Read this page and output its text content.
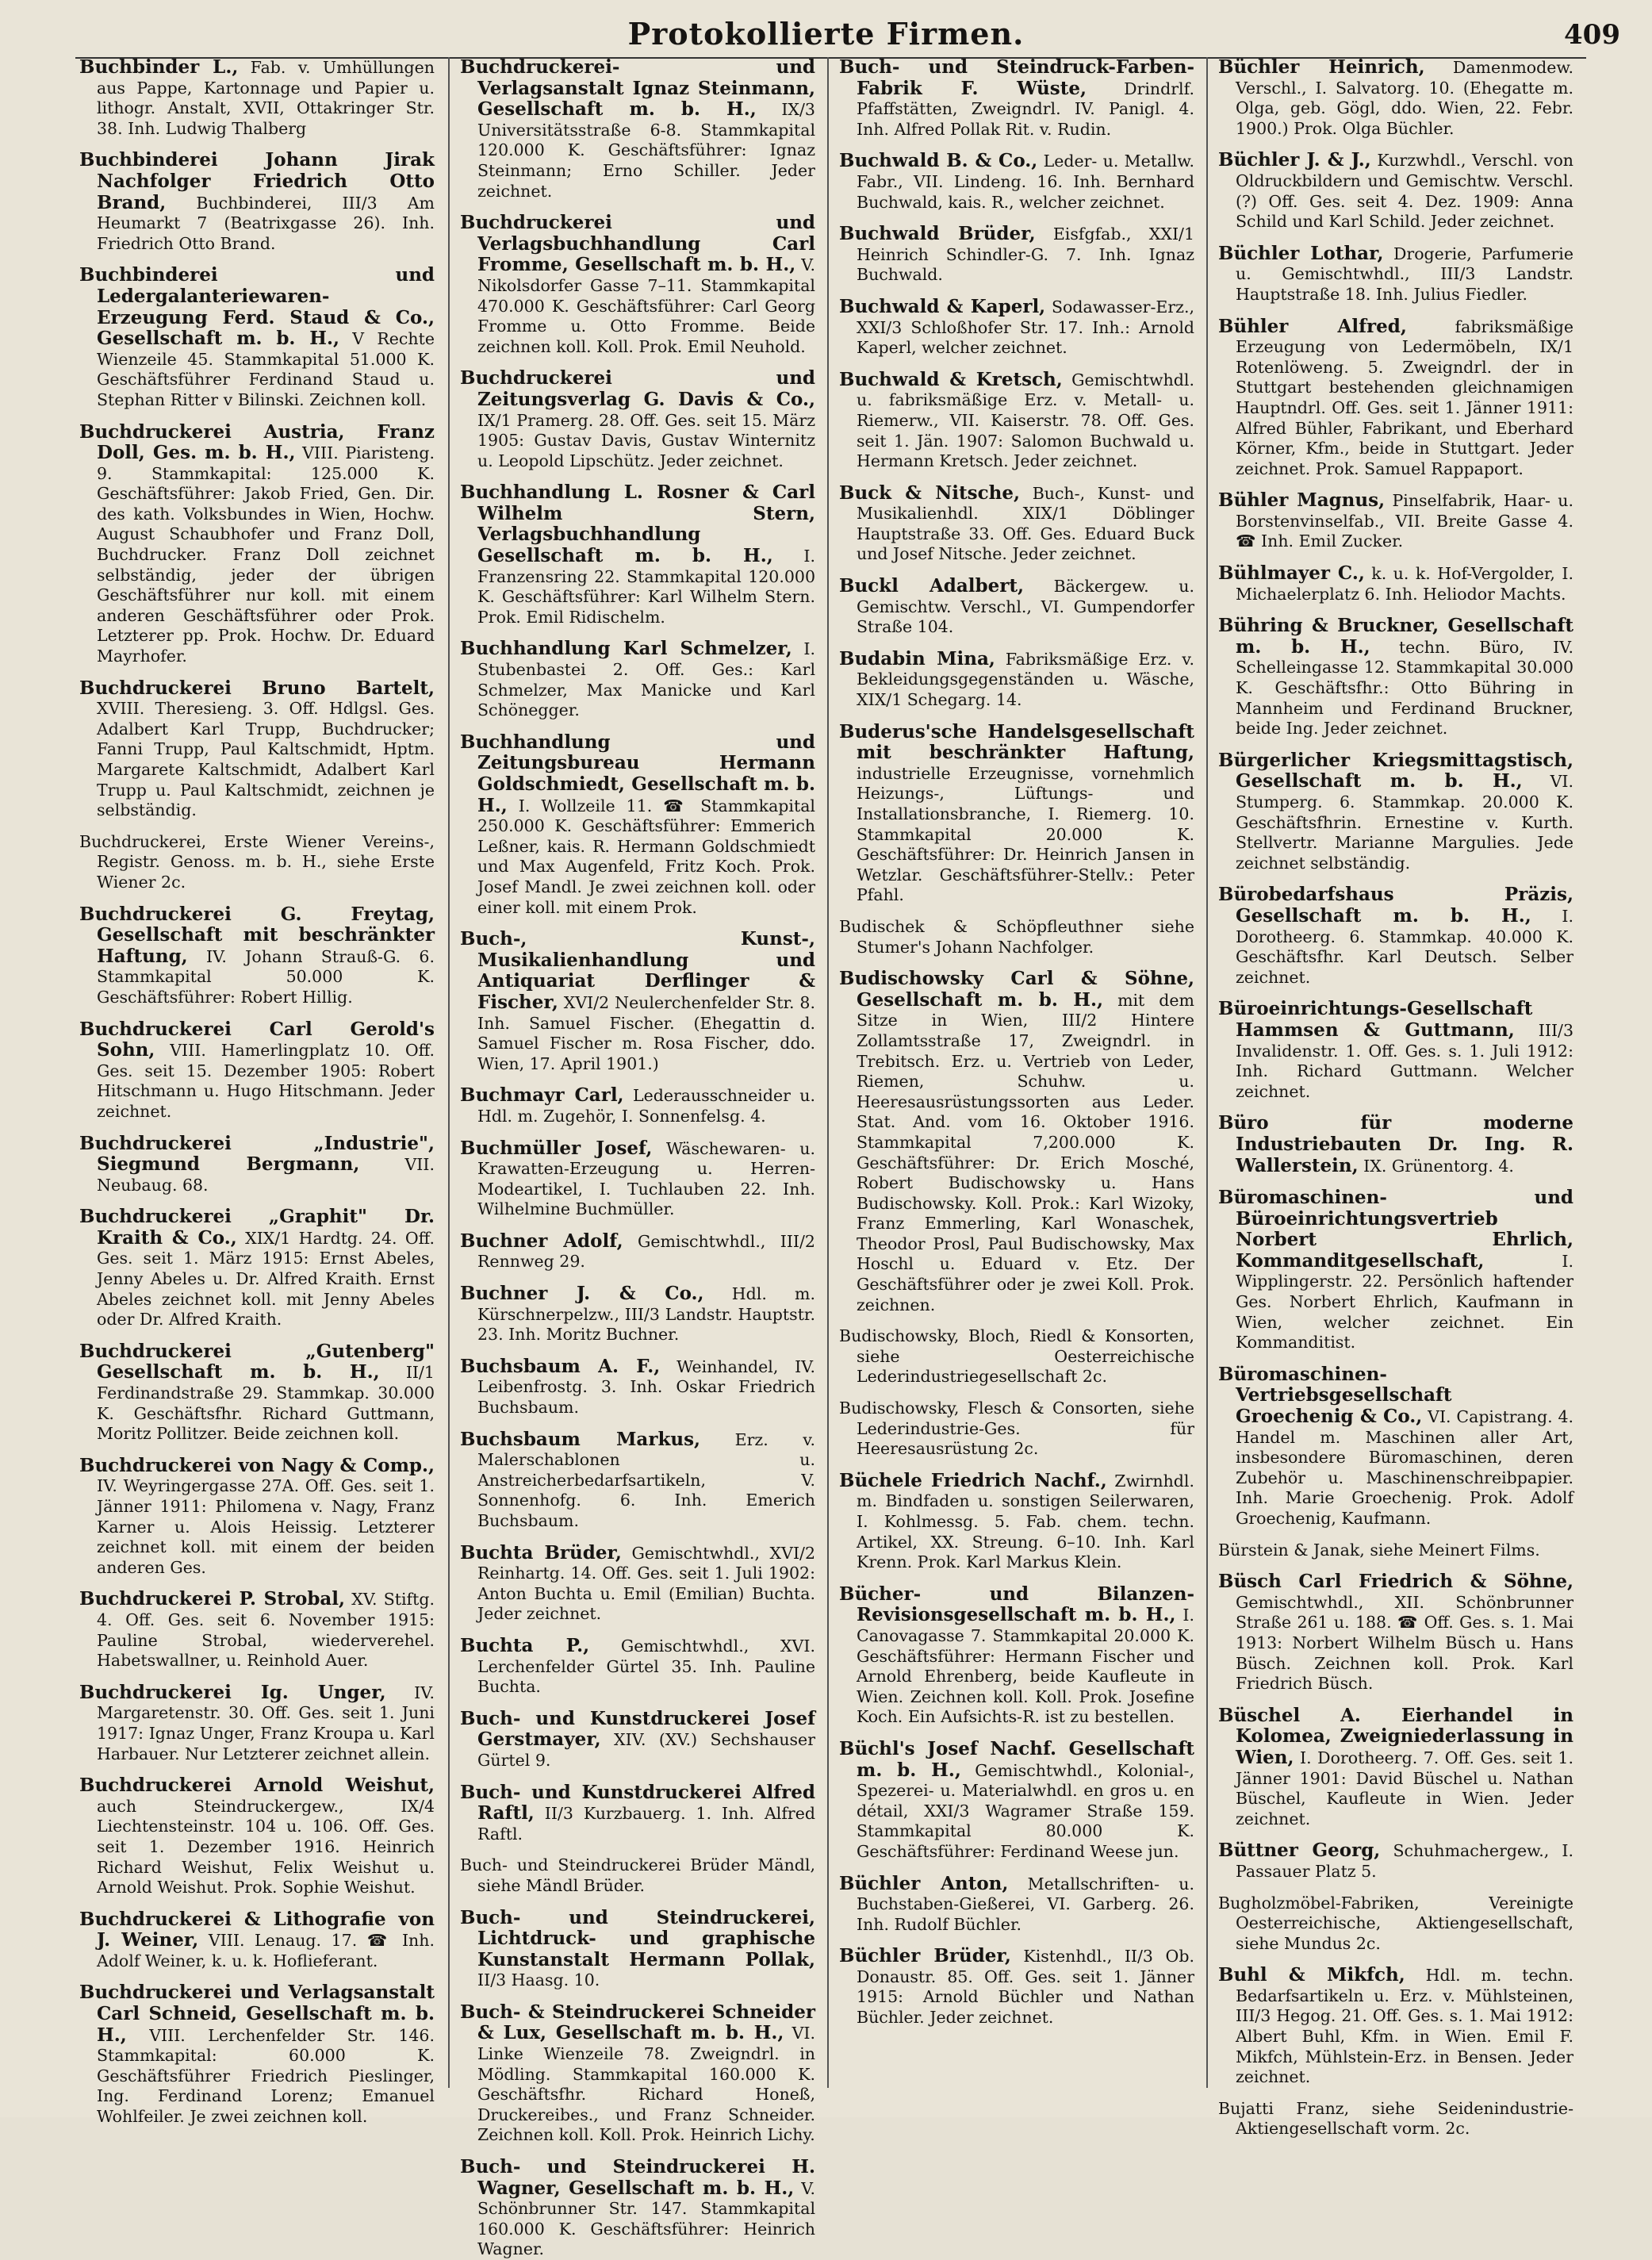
Protokollierte Firmen.	409

Buchbinder L., Fab. v. Umhüllungen aus Pappe, Kartonnage und Papier u. lithogr. Anstalt, XVII, Ottakringer Str. 38. Inh. Ludwig Thalberg

Buchbinderei Johann Jirak Nachfolger Friedrich Otto Brand, Buchbinderei, III/3 Am Heumarkt 7 (Beatrixgasse 26). Inh. Friedrich Otto Brand.

Buchbinderei und Ledergalanteriewaren-Erzeugung Ferd. Staud & Co., Gesellschaft m. b. H., V Rechte Wienzeile 45. Stammkapital 51.000 K. Geschäftsführer Ferdinand Staud u. Stephan Ritter v Bilinski. Zeichnen koll.

Buchdruckerei Austria, Franz Doll, Ges. m. b. H., VIII. Piaristeng. 9. Stammkapital: 125.000 K. Geschäftsführer: Jakob Fried, Gen. Dir. des kath. Volksbundes in Wien, Hochw. August Schaubhofer und Franz Doll, Buchdrucker. Franz Doll zeichnet selbständig, jeder der übrigen Geschäftsführer nur koll. mit einem anderen Geschäftsführer oder Prok. Letzterer pp. Prok. Hochw. Dr. Eduard Mayrhofer.

Buchdruckerei Bruno Bartelt, XVIII. Theresieng. 3. Off. Hdlgsl. Ges. Adalbert Karl Trupp, Buchdrucker; Fanni Trupp, Paul Kaltschmidt, Hptm. Margarete Kaltschmidt, Adalbert Karl Trupp u. Paul Kaltschmidt, zeichnen je selbständig.

Buchdruckerei, Erste Wiener Vereins-, Registr. Genoss. m. b. H., siehe Erste Wiener 2c.

Buchdruckerei G. Freytag, Gesellschaft mit beschränkter Haftung, IV. Johann Strauß-G. 6. Stammkapital 50.000 K. Geschäftsführer: Robert Hillig.

Buchdruckerei Carl Gerold's Sohn, VIII. Hamerlingplatz 10. Off. Ges. seit 15. Dezember 1905: Robert Hitschmann u. Hugo Hitschmann. Jeder zeichnet.

Buchdruckerei „Industrie", Siegmund Bergmann,	VII. Neubaug. 68.

Buchdruckerei „Graphit" Dr. Kraith & Co., XIX/1 Hardtg. 24. Off. Ges. seit 1. März 1915: Ernst Abeles, Jenny Abeles u. Dr. Alfred Kraith. Ernst Abeles zeichnet koll. mit Jenny Abeles oder Dr. Alfred Kraith.

Buchdruckerei „Gutenberg" Gesellschaft m. b. H., II/1 Ferdinandstraße 29. Stammkap. 30.000 K. Geschäftsfhr. Richard Guttmann, Moritz Pollitzer. Beide zeichnen koll.

Buchdruckerei von Nagy & Comp., IV. Weyringergasse 27A. Off. Ges. seit 1. Jänner 1911: Philomena v. Nagy, Franz Karner u. Alois Heissig. Letzterer zeichnet koll. mit einem der beiden anderen Ges.

Buchdruckerei P. Strobal, XV. Stiftg. 4. Off. Ges. seit 6. November 1915: Pauline Strobal, wiederverehel. Habetswallner, u. Reinhold Auer.

Buchdruckerei Ig. Unger, IV. Margaretenstr. 30. Off. Ges. seit 1. Juni 1917: Ignaz Unger, Franz Kroupa u. Karl Harbauer. Nur Letzterer zeichnet allein.

Buchdruckerei Arnold Weishut, auch Steindruckergew., IX/4 Liechtensteinstr. 104 u. 106. Off. Ges. seit 1. Dezember 1916. Heinrich Richard Weishut, Felix Weishut u. Arnold Weishut. Prok. Sophie Weishut.

Buchdruckerei & Lithografie von J. Weiner, VIII. Lenaug. 17. ☎ Inh. Adolf Weiner, k. u. k. Hoflieferant.

Buchdruckerei und Verlagsanstalt Carl Schneid, Gesellschaft m. b. H., VIII. Lerchenfelder Str. 146. Stammkapital: 60.000 K. Geschäftsführer Friedrich Pieslinger, Ing. Ferdinand Lorenz; Emanuel Wohlfeiler. Je zwei zeichnen koll.

Buchdruckerei- und Verlagsanstalt Ignaz Steinmann, Gesellschaft m. b. H., IX/3 Universitätsstraße 6-8. Stammkapital 120.000 K. Geschäftsführer: Ignaz Steinmann; Erno Schiller. Jeder zeichnet.

Buchdruckerei und Verlagsbuchhandlung Carl Fromme, Gesellschaft m. b. H., V. Nikolsdorfer Gasse 7–11. Stammkapital 470.000 K. Geschäftsführer: Carl Georg Fromme u. Otto Fromme. Beide zeichnen koll. Koll. Prok. Emil Neuhold.

Buchdruckerei und Zeitungsverlag G. Davis & Co., IX/1 Pramerg. 28. Off. Ges. seit 15. März 1905: Gustav Davis, Gustav Winternitz u. Leopold Lipschütz. Jeder zeichnet.

Buchhandlung L. Rosner & Carl Wilhelm Stern, Verlagsbuchhandlung Gesellschaft m. b. H., I. Franzensring 22. Stammkapital 120.000 K. Geschäftsführer: Karl Wilhelm Stern. Prok. Emil Ridischelm.

Buchhandlung Karl Schmelzer, I. Stubenbastei 2. Off. Ges.: Karl Schmelzer, Max Manicke und Karl Schönegger.

Buchhandlung und Zeitungsbureau Hermann Goldschmiedt, Gesellschaft m. b. H., I. Wollzeile 11. ☎ Stammkapital 250.000 K. Geschäftsführer: Emmerich Leßner, kais. R. Hermann Goldschmiedt und Max Augenfeld, Fritz Koch. Prok. Josef Mandl. Je zwei zeichnen koll. oder einer koll. mit einem Prok.

Buch-, Kunst-, Musikalienhandlung und Antiquariat Derflinger & Fischer, XVI/2 Neulerchenfelder Str. 8. Inh. Samuel Fischer. (Ehegattin d. Samuel Fischer m. Rosa Fischer, ddo. Wien, 17. April 1901.)

Buchmayr Carl, Lederausschneider u. Hdl. m. Zugehör, I. Sonnenfelsg. 4.

Buchmüller Josef, Wäschewaren- u. Krawatten-Erzeugung u. Herren-Modeartikel, I. Tuchlauben 22. Inh. Wilhelmine Buchmüller.

Buchner Adolf, Gemischtwhdl., III/2 Rennweg 29.

Buchner J. & Co., Hdl. m. Kürschnerpelzw., III/3 Landstr. Hauptstr. 23. Inh. Moritz Buchner.

Buchsbaum A. F., Weinhandel, IV. Leibenfrostg. 3. Inh. Oskar Friedrich Buchsbaum.

Buchsbaum Markus, Erz. v. Malerschablonen u. Anstreicherbedarfsartikeln, V. Sonnenhofg. 6. Inh. Emerich Buchsbaum.

Buchta Brüder, Gemischtwhdl., XVI/2 Reinhartg. 14. Off. Ges. seit 1. Juli 1902: Anton Buchta u. Emil (Emilian) Buchta. Jeder zeichnet.

Buchta P., Gemischtwhdl., XVI. Lerchenfelder Gürtel 35. Inh. Pauline Buchta.

Buch- und Kunstdruckerei Josef Gerstmayer, XIV. (XV.) Sechshauser Gürtel 9.

Buch- und Kunstdruckerei Alfred Raftl, II/3 Kurzbauerg. 1. Inh. Alfred Raftl.

Buch- und Steindruckerei Brüder Mändl, siehe Mändl Brüder.

Buch- und Steindruckerei, Lichtdruck- und graphische Kunstanstalt Hermann Pollak, II/3 Haasg. 10.

Buch- & Steindruckerei Schneider & Lux, Gesellschaft m. b. H., VI. Linke Wienzeile 78. Zweigndrl. in Mödling. Stammkapital 160.000 K. Geschäftsfhr. Richard Honeß, Druckereibes., und Franz Schneider. Zeichnen koll. Koll. Prok. Heinrich Lichy.

Buch- und Steindruckerei H. Wagner, Gesellschaft m. b. H., V. Schönbrunner Str. 147. Stammkapital 160.000 K. Geschäftsführer: Heinrich Wagner.

Buch- und Steindruck-Farben-Fabrik F. Wüste, Drindrlf. Pfaffstätten, Zweigndrl. IV. Panigl. 4. Inh. Alfred Pollak Rit. v. Rudin.

Buchwald B. & Co., Leder- u. Metallw. Fabr., VII. Lindeng. 16. Inh. Bernhard Buchwald, kais. R., welcher zeichnet.

Buchwald Brüder, Eisfgfab., XXI/1 Heinrich Schindler-G. 7. Inh. Ignaz Buchwald.

Buchwald & Kaperl, Sodawasser-Erz., XXI/3 Schloßhofer Str. 17. Inh.: Arnold Kaperl, welcher zeichnet.

Buchwald & Kretsch, Gemischtwhdl. u. fabriksmäßige Erz. v. Metall- u. Riemerw., VII. Kaiserstr. 78. Off. Ges. seit 1. Jän. 1907: Salomon Buchwald u. Hermann Kretsch. Jeder zeichnet.

Buck & Nitsche, Buch-, Kunst- und Musikalienhdl. XIX/1 Döblinger Hauptstraße 33. Off. Ges. Eduard Buck und Josef Nitsche. Jeder zeichnet.

Buckl Adalbert, Bäckergew. u. Gemischtw. Verschl., VI. Gumpendorfer Straße 104.

Budabin Mina, Fabriksmäßige Erz. v. Bekleidungsgegenständen u. Wäsche, XIX/1 Schegarg. 14.

Buderus'sche Handelsgesellschaft mit beschränkter Haftung, industrielle Erzeugnisse, vornehmlich Heizungs-, Lüftungs- und Installationsbranche, I. Riemerg. 10. Stammkapital 20.000 K. Geschäftsführer: Dr. Heinrich Jansen in Wetzlar. Geschäftsführer-Stellv.: Peter Pfahl.

Budischek & Schöpfleuthner siehe Stumer's Johann Nachfolger.

Budischowsky Carl & Söhne, Gesellschaft m. b. H., mit dem Sitze in Wien, III/2 Hintere Zollamtsstraße 17, Zweigndrl. in Trebitsch. Erz. u. Vertrieb von Leder, Riemen, Schuhw. u. Heeresausrüstungssorten aus Leder. Stat. And. vom 16. Oktober 1916. Stammkapital 7,200.000 K. Geschäftsführer: Dr. Erich Mosché, Robert Budischowsky u. Hans Budischowsky. Koll. Prok.: Karl Wizoky, Franz Emmerling, Karl Wonaschek, Theodor Prosl, Paul Budischowsky, Max Hoschl u. Eduard v. Etz. Der Geschäftsführer oder je zwei Koll. Prok. zeichnen.

Budischowsky, Bloch, Riedl & Konsorten, siehe Oesterreichische Lederindustriegesellschaft 2c.

Budischowsky, Flesch & Consorten, siehe Lederindustrie-Ges. für Heeresausrüstung 2c.

Büchele Friedrich Nachf., Zwirnhdl. m. Bindfaden u. sonstigen Seilerwaren, I. Kohlmessg. 5. Fab. chem. techn. Artikel, XX. Streung. 6–10. Inh. Karl Krenn. Prok. Karl Markus Klein.

Bücher- und Bilanzen-Revisionsgesellschaft m. b. H., I. Canovagasse 7. Stammkapital 20.000 K. Geschäftsführer: Hermann Fischer und Arnold Ehrenberg, beide Kaufleute in Wien. Zeichnen koll. Koll. Prok. Josefine Koch. Ein Aufsichts-R. ist zu bestellen.

Büchl's Josef Nachf. Gesellschaft m. b. H., Gemischtwhdl., Kolonial-, Spezerei- u. Materialwhdl. en gros u. en détail, XXI/3 Wagramer Straße 159. Stammkapital 80.000 K. Geschäftsführer: Ferdinand Weese jun.

Büchler Anton, Metallschriften- u. Buchstaben-Gießerei, VI. Garberg. 26. Inh. Rudolf Büchler.

Büchler Brüder, Kistenhdl., II/3 Ob. Donaustr. 85. Off. Ges. seit 1. Jänner 1915: Arnold Büchler und Nathan Büchler. Jeder zeichnet.

Büchler Heinrich, Damenmodew. Verschl., I. Salvatorg. 10. (Ehegatte m. Olga, geb. Gögl, ddo. Wien, 22. Febr. 1900.) Prok. Olga Büchler.

Büchler J. & J., Kurzwhdl., Verschl. von Oldruckbildern und Gemischtw. Verschl. (?) Off. Ges. seit 4. Dez. 1909: Anna Schild und Karl Schild. Jeder zeichnet.

Büchler Lothar, Drogerie, Parfumerie u. Gemischtwhdl., III/3 Landstr. Hauptstraße 18. Inh. Julius Fiedler.

Bühler Alfred,	fabriksmäßige Erzeugung von Ledermöbeln, IX/1 Rotenlöweng. 5. Zweigndrl. der in Stuttgart bestehenden gleichnamigen Hauptndrl. Off. Ges. seit 1. Jänner 1911: Alfred Bühler, Fabrikant, und Eberhard Körner, Kfm., beide in Stuttgart. Jeder zeichnet. Prok. Samuel Rappaport.

Bühler Magnus, Pinselfabrik, Haar- u. Borstenvinselfab., VII. Breite Gasse 4. ☎ Inh. Emil Zucker.

Bühlmayer C., k. u. k. Hof-Vergolder, I. Michaelerplatz 6. Inh. Heliodor Machts.

Bühring & Bruckner, Gesellschaft m. b. H., techn. Büro, IV. Schelleingasse 12. Stammkapital 30.000 K. Geschäftsfhr.: Otto Bühring in Mannheim und Ferdinand Bruckner, beide Ing. Jeder zeichnet.

Bürgerlicher Kriegsmittagstisch, Gesellschaft m. b. H., VI. Stumperg. 6. Stammkap. 20.000 K. Geschäftsfhrin. Ernestine v. Kurth. Stellvertr. Marianne Margulies. Jede zeichnet selbständig.

Bürobedarfshaus Präzis, Gesellschaft m. b. H., I. Dorotheerg. 6. Stammkap. 40.000 K. Geschäftsfhr. Karl Deutsch. Selber zeichnet.

Büroeinrichtungs-Gesellschaft Hammsen & Guttmann, III/3 Invalidenstr. 1. Off. Ges. s. 1. Juli 1912: Inh. Richard Guttmann. Welcher zeichnet.

Büro für moderne Industriebauten Dr. Ing. R. Wallerstein, IX. Grünentorg. 4.

Büromaschinen- und Büroeinrichtungsvertrieb Norbert Ehrlich, Kommanditgesellschaft,	I. Wipplingerstr. 22. Persönlich haftender Ges. Norbert Ehrlich, Kaufmann in Wien, welcher zeichnet. Ein Kommanditist.

Büromaschinen-Vertriebsgesellschaft Groechenig & Co., VI. Capistrang. 4. Handel m. Maschinen aller Art, insbesondere Büromaschinen, deren Zubehör u. Maschinenschreibpapier. Inh. Marie Groechenig. Prok. Adolf Groechenig, Kaufmann.

Bürstein & Janak, siehe Meinert Films.

Büsch Carl Friedrich & Söhne, Gemischtwhdl., XII. Schönbrunner Straße 261 u. 188. ☎ Off. Ges. s. 1. Mai 1913: Norbert Wilhelm Büsch u. Hans Büsch. Zeichnen koll. Prok. Karl Friedrich Büsch.

Büschel A. Eierhandel in Kolomea, Zweigniederlassung in Wien, I. Dorotheerg. 7. Off. Ges. seit 1. Jänner 1901: David Büschel u. Nathan Büschel, Kaufleute in Wien. Jeder zeichnet.

Büttner Georg, Schuhmachergew., I. Passauer Platz 5.

Bugholzmöbel-Fabriken, Vereinigte Oesterreichische, Aktiengesellschaft, siehe Mundus 2c.

Buhl & Mikfch, Hdl. m. techn. Bedarfsartikeln u. Erz. v. Mühlsteinen, III/3 Hegog. 21. Off. Ges. s. 1. Mai 1912: Albert Buhl, Kfm. in Wien. Emil F. Mikfch, Mühlstein-Erz. in Bensen. Jeder zeichnet.

Bujatti Franz, siehe Seidenindustrie-Aktiengesellschaft vorm. 2c.
